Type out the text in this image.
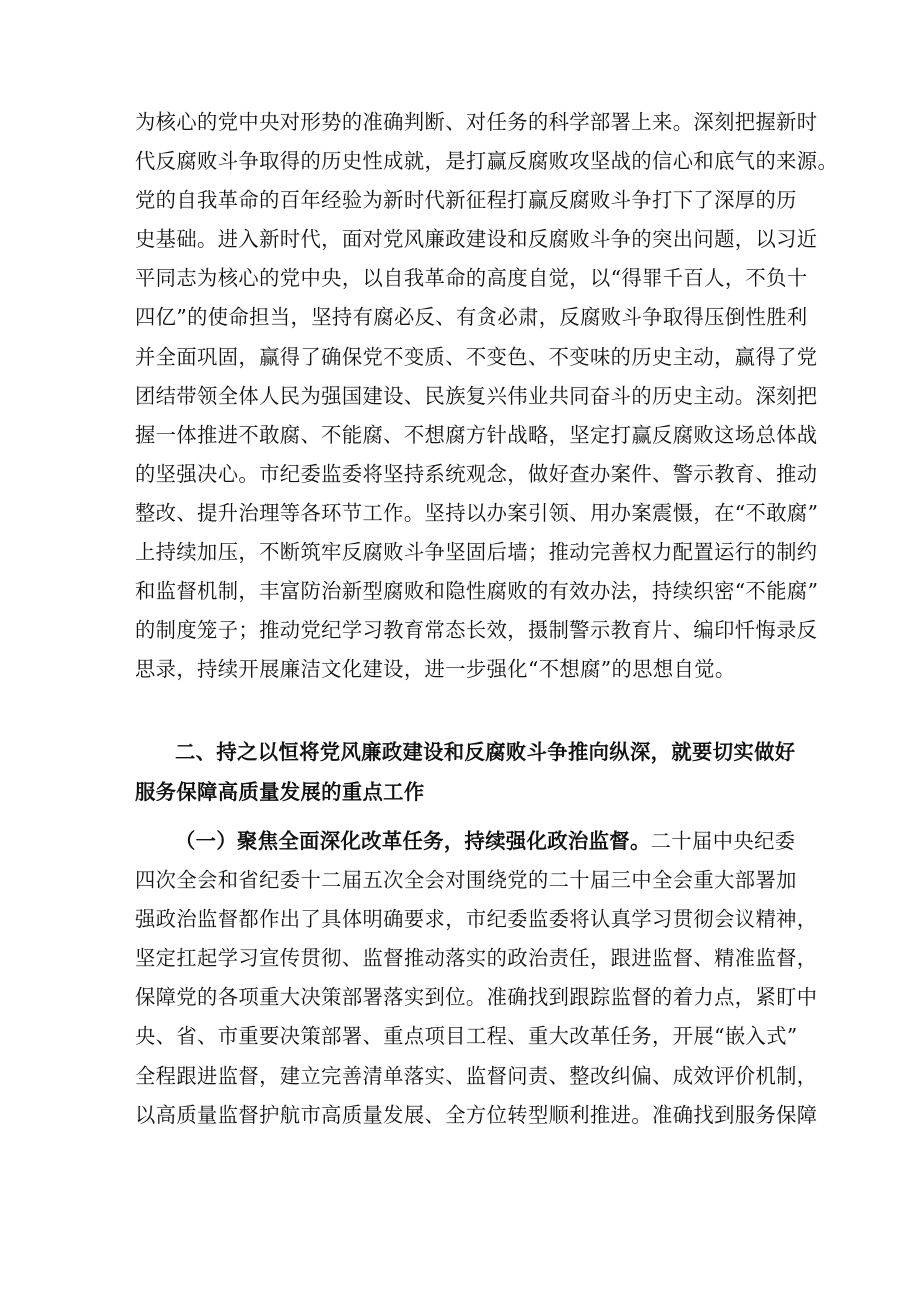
为核心的党中央对形势的准确判断、对任务的科学部署上来。深刻把握新时
代反腐败斗争取得的历史性成就，是打赢反腐败攻坚战的信心和底气的来源。
党的自我革命的百年经验为新时代新征程打赢反腐败斗争打下了深厚的历
史基础。进入新时代，面对党风廉政建设和反腐败斗争的突出问题，以习近
平同志为核心的党中央，以自我革命的高度自觉，以“得罪千百人，不负十
四亿”的使命担当，坚持有腐必反、有贪必肃，反腐败斗争取得压倒性胜利
并全面巩固，赢得了确保党不变质、不变色、不变味的历史主动，赢得了党
团结带领全体人民为强国建设、民族复兴伟业共同奋斗的历史主动。深刻把
握一体推进不敢腐、不能腐、不想腐方针战略，坚定打赢反腐败这场总体战
的坚强决心。市纪委监委将坚持系统观念，做好查办案件、警示教育、推动
整改、提升治理等各环节工作。坚持以办案引领、用办案震慑，在“不敢腐”
上持续加压，不断筑牢反腐败斗争坚固后墙；推动完善权力配置运行的制约
和监督机制，丰富防治新型腐败和隐性腐败的有效办法，持续织密“不能腐”
的制度笼子；推动党纪学习教育常态长效，摄制警示教育片、编印忏悔录反
思录，持续开展廉洁文化建设，进一步强化“不想腐”的思想自觉。
二、持之以恒将党风廉政建设和反腐败斗争推向纵深，就要切实做好
服务保障高质量发展的重点工作
（一）聚焦全面深化改革任务，持续强化政治监督。二十届中央纪委
四次全会和省纪委十二届五次全会对围绕党的二十届三中全会重大部署加
强政治监督都作出了具体明确要求，市纪委监委将认真学习贯彻会议精神，
坚定扛起学习宣传贯彻、监督推动落实的政治责任，跟进监督、精准监督，
保障党的各项重大决策部署落实到位。准确找到跟踪监督的着力点，紧盯中
央、省、市重要决策部署、重点项目工程、重大改革任务，开展“嵌入式”
全程跟进监督，建立完善清单落实、监督问责、整改纠偏、成效评价机制，
以高质量监督护航市高质量发展、全方位转型顺利推进。准确找到服务保障
